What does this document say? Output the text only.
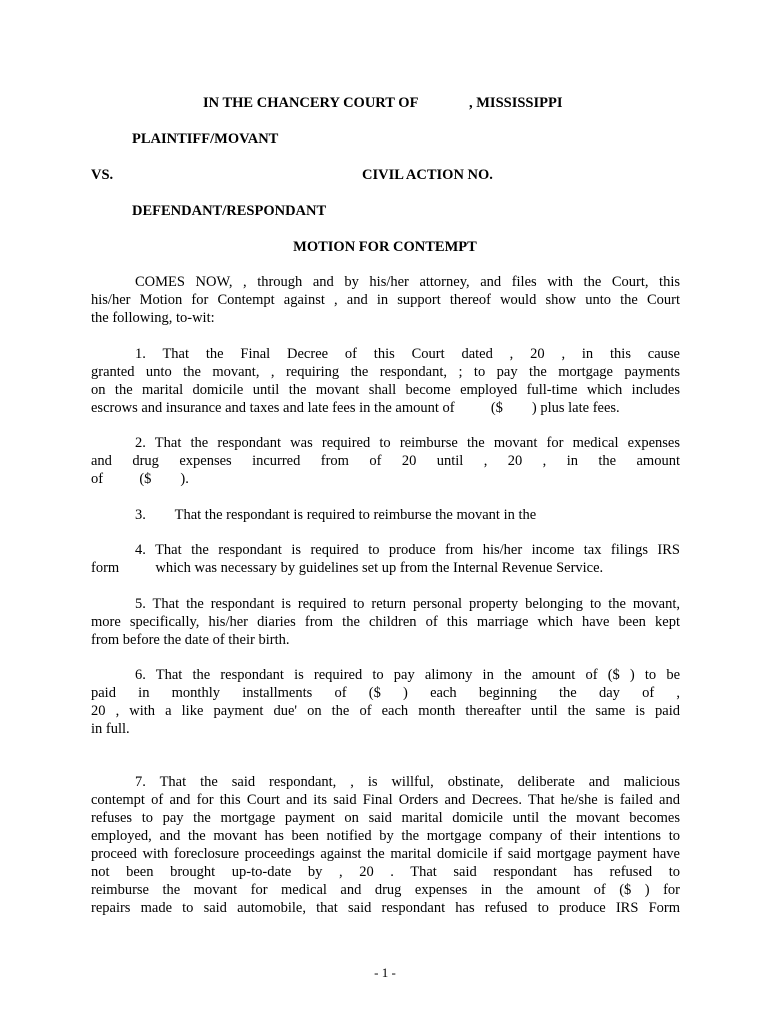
IN THE CHANCERY COURT OF	, MISSISSIPPI
PLAINTIFF/MOVANT
VS.	CIVIL ACTION NO.
DEFENDANT/RESPONDANT
MOTION FOR CONTEMPT
COMES NOW, , through and by his/her attorney, and files with the Court, this
his/her Motion for Contempt against , and in support thereof would show unto the Court
the following, to-wit:
1. That the Final Decree of this Court dated , 20 , in this cause
granted unto the movant, , requiring the respondant, ; to pay the mortgage payments
on the marital domicile until the movant shall become employed full-time which includes
escrows and insurance and taxes and late fees in the amount of          ($        ) plus late fees.
2. That the respondant was required to reimburse the movant for medical expenses
and drug expenses incurred from of 20 until , 20 , in the amount
of          ($        ).
3.        That the respondant is required to reimburse the movant in the
4. That the respondant is required to produce from his/her income tax filings IRS
form          which was necessary by guidelines set up from the Internal Revenue Service.
5. That the respondant is required to return personal property belonging to the movant,
more specifically, his/her diaries from the children of this marriage which have been kept
from before the date of their birth.
6. That the respondant is required to pay alimony in the amount of ($ ) to be
paid in monthly installments of ($ ) each beginning the day of ,
20 , with a like payment due' on the of each month thereafter until the same is paid
in full.
7. That the said respondant, , is willful, obstinate, deliberate and malicious
contempt of and for this Court and its said Final Orders and Decrees. That he/she is failed and
refuses to pay the mortgage payment on said marital domicile until the movant becomes
employed, and the movant has been notified by the mortgage company of their intentions to
proceed with foreclosure proceedings against the marital domicile if said mortgage payment have
not been brought up-to-date by , 20 . That said respondant has refused to
reimburse the movant for medical and drug expenses in the amount of ($ ) for
repairs made to said automobile, that said respondant has refused to produce IRS Form
- 1 -
